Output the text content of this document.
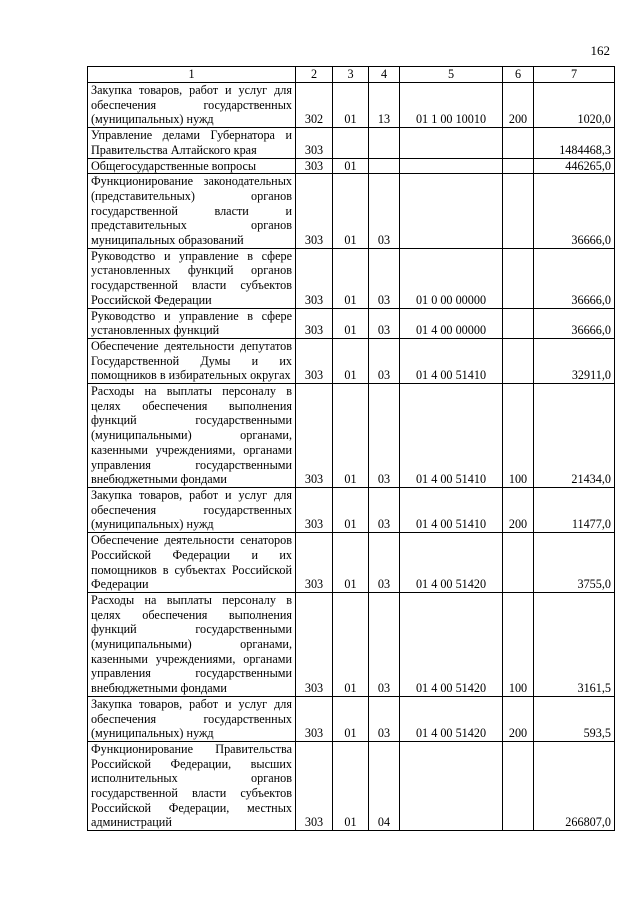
162
1	2	3	4	5	6	7
Закупка товаров, работ и услуг для обеспечения государственных (муниципальных) нужд	302	01	13	01 1 00 10010	200	1020,0
Управление делами Губернатора и Правительства Алтайского края	303					1484468,3
Общегосударственные вопросы	303	01				446265,0
Функционирование законодательных (представительных) органов государственной власти и представительных органов муниципальных образований	303	01	03			36666,0
Руководство и управление в сфере установленных функций органов государственной власти субъектов Российской Федерации	303	01	03	01 0 00 00000		36666,0
Руководство и управление в сфере установленных функций	303	01	03	01 4 00 00000		36666,0
Обеспечение деятельности депутатов Государственной Думы и их помощников в избирательных округах	303	01	03	01 4 00 51410		32911,0
Расходы на выплаты персоналу в целях обеспечения выполнения функций государственными (муниципальными) органами, казенными учреждениями, органами управления государственными внебюджетными фондами	303	01	03	01 4 00 51410	100	21434,0
Закупка товаров, работ и услуг для обеспечения государственных (муниципальных) нужд	303	01	03	01 4 00 51410	200	11477,0
Обеспечение деятельности сенаторов Российской Федерации и их помощников в субъектах Российской Федерации	303	01	03	01 4 00 51420		3755,0
Расходы на выплаты персоналу в целях обеспечения выполнения функций государственными (муниципальными) органами, казенными учреждениями, органами управления государственными внебюджетными фондами	303	01	03	01 4 00 51420	100	3161,5
Закупка товаров, работ и услуг для обеспечения государственных (муниципальных) нужд	303	01	03	01 4 00 51420	200	593,5
Функционирование Правительства Российской Федерации, высших исполнительных органов государственной власти субъектов Российской Федерации, местных администраций	303	01	04			266807,0
